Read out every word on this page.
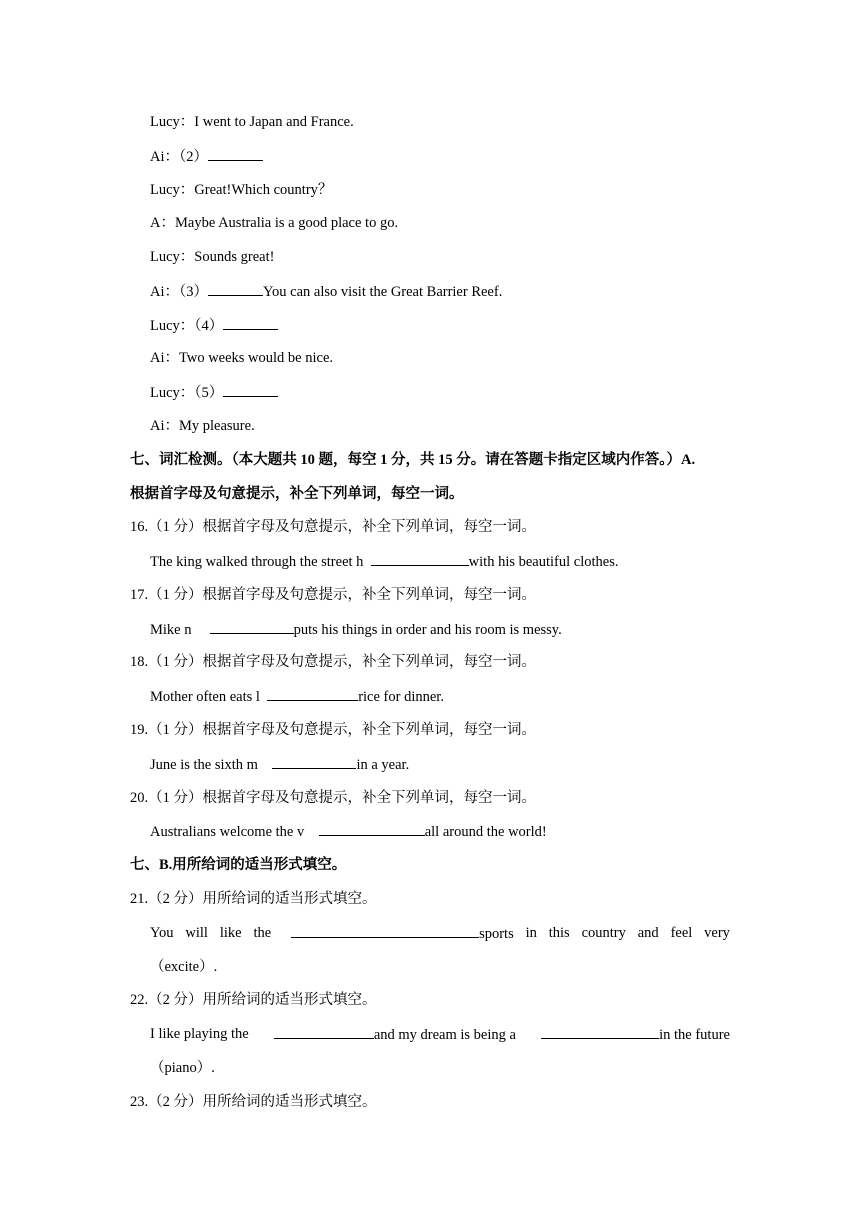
Lucy：I went to Japan and France.
Ai：（2）
Lucy：Great!Which country？
A：Maybe Australia is a good place to go.
Lucy：Sounds great!
Ai：（3）	You can also visit the Great Barrier Reef.
Lucy：（4）
Ai：Two weeks would be nice.
Lucy：（5）
Ai：My pleasure.
七、词汇检测。（本大题共 10 题，每空 1 分，共 15 分。请在答题卡指定区域内作答。）A.
根据首字母及句意提示，补全下列单词，每空一词。
16.（1 分）根据首字母及句意提示，补全下列单词，每空一词。
The king walked through the street h	with his beautiful clothes.
17.（1 分）根据首字母及句意提示，补全下列单词，每空一词。
Mike n	puts his things in order and his room is messy.
18.（1 分）根据首字母及句意提示，补全下列单词，每空一词。
Mother often eats l	rice for dinner.
19.（1 分）根据首字母及句意提示，补全下列单词，每空一词。
June is the sixth m	in a year.
20.（1 分）根据首字母及句意提示，补全下列单词，每空一词。
Australians welcome the v	all around the world!
七、B.用所给词的适当形式填空。
21.（2 分）用所给词的适当形式填空。
You will like the	sports in this country and feel very
（excite）.
22.（2 分）用所给词的适当形式填空。
I like playing the	and my dream is being a	in the future
（piano）.
23.（2 分）用所给词的适当形式填空。
